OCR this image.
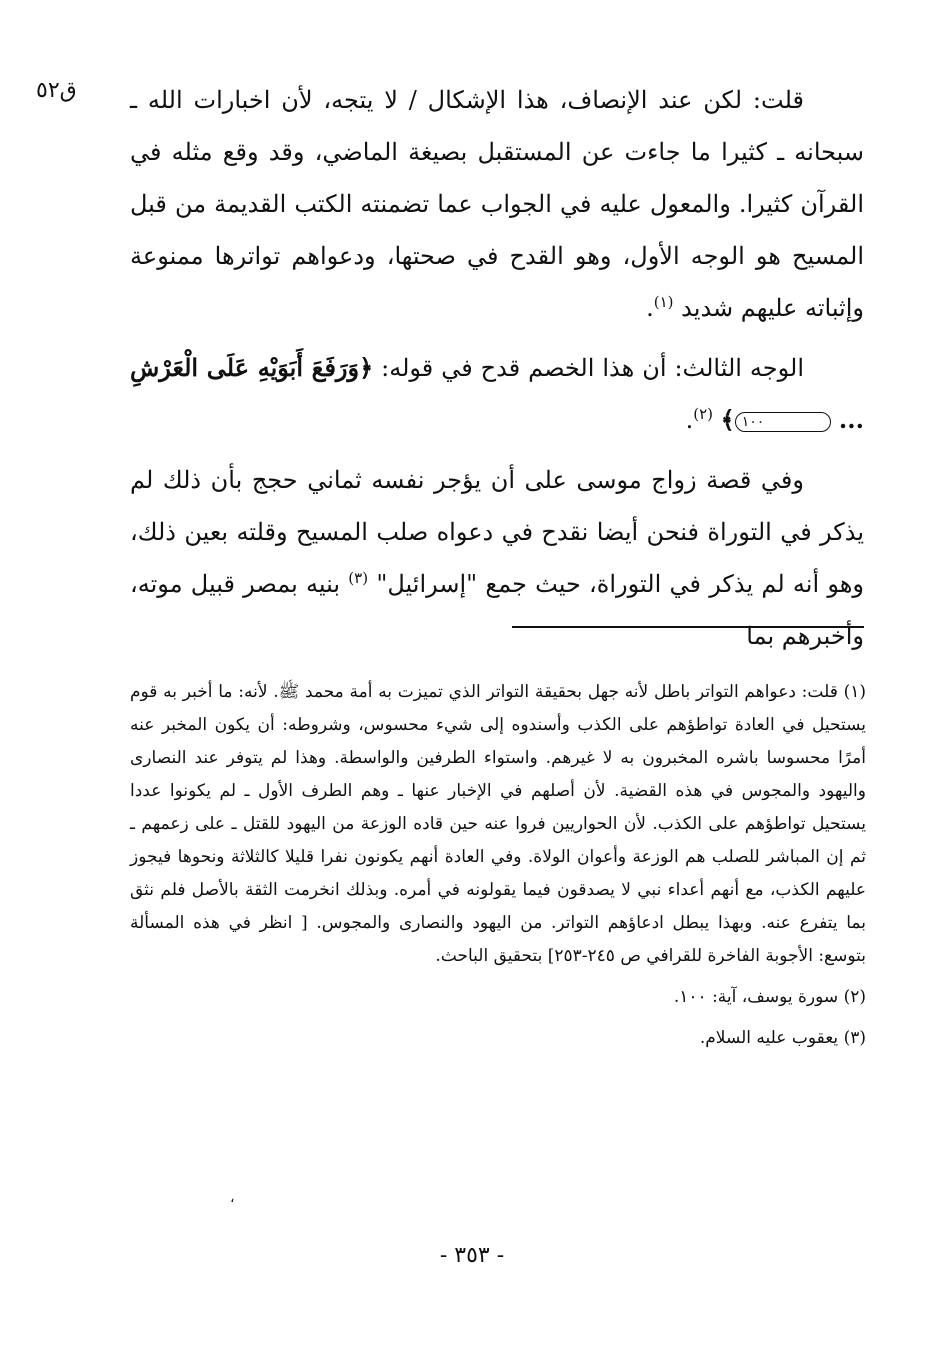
ق٥٢ قلت: لكن عند الإنصاف، هذا الإشكال / لا يتجه، لأن اخبارات الله ـ سبحانه ـ كثيرا ما جاءت عن المستقبل بصيغة الماضي، وقد وقع مثله في القرآن كثيرا. والمعول عليه في الجواب عما تضمنته الكتب القديمة من قبل المسيح هو الوجه الأول، وهو القدح في صحتها، ودعواهم تواترها ممنوعة وإثباته عليهم شديد $^{(١)}$.

الوجه الثالث: أن هذا الخصم قدح في قوله: ﴿وَرَفَعَ أَبَوَيْهِ عَلَى الْعَرْشِ ... ١٠٠﴾ $^{(٢)}$.

وفي قصة زواج موسى على أن يؤجر نفسه ثماني حجج بأن ذلك لم يذكر في التوراة فنحن أيضا نقدح في دعواه صلب المسيح وقلته بعين ذلك، وهو أنه لم يذكر في التوراة، حيث جمع "إسرائيل" $^{(٣)}$ بنيه بمصر قبيل موته، وأخبرهم بما

(١) قلت: دعواهم التواتر باطل لأنه جهل بحقيقة التواتر الذي تميزت به أمة محمد ﷺ. لأنه: ما أخبر به قوم يستحيل في العادة تواطؤهم على الكذب وأسندوه إلى شيء محسوس، وشروطه: أن يكون المخبر عنه أمرًا محسوسا باشره المخبرون به لا غيرهم. واستواء الطرفين والواسطة. وهذا لم يتوفر عند النصارى واليهود والمجوس في هذه القضية. لأن أصلهم في الإخبار عنها ـ وهم الطرف الأول ـ لم يكونوا عددا يستحيل تواطؤهم على الكذب. لأن الحواريين فروا عنه حين قاده الوزعة من اليهود للقتل ـ على زعمهم ـ ثم إن المباشر للصلب هم الوزعة وأعوان الولاة. وفي العادة أنهم يكونون نفرا قليلا كالثلاثة ونحوها فيجوز عليهم الكذب، مع أنهم أعداء نبي لا يصدقون فيما يقولونه في أمره. وبذلك انخرمت الثقة بالأصل فلم نثق بما يتفرع عنه. وبهذا يبطل ادعاؤهم التواتر. من اليهود والنصارى والمجوس. [ انظر في هذه المسألة بتوسع: الأجوبة الفاخرة للقرافي ص ٢٤٥-٢٥٣] بتحقيق الباحث.

(٢) سورة يوسف، آية: ١٠٠.

(٣) يعقوب عليه السلام.

،
- ٣٥٣ -
